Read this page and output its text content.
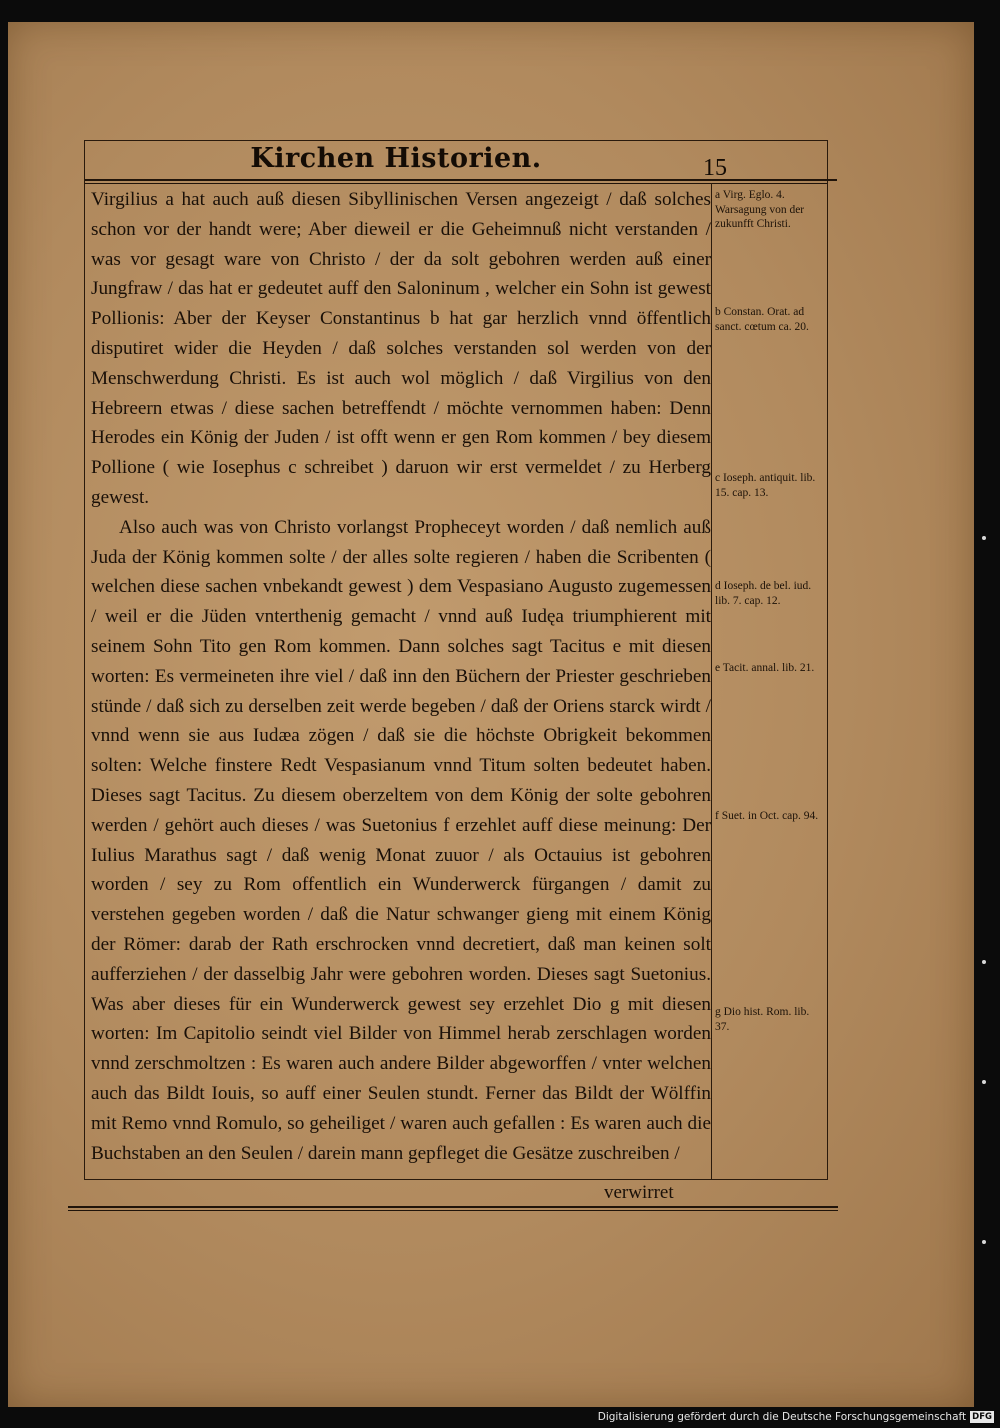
Kirchen Historien.	15

Virgilius a hat auch auß diesen Sibyllinischen Versen angezeigt / daß solches schon vor der handt were; Aber dieweil er die Geheimnuß nicht verstanden / was vor gesagt ware von Christo / der da solt gebohren werden auß einer Jungfraw / das hat er gedeutet auff den Saloninum , welcher ein Sohn ist gewest Pollionis: Aber der Keyser Constantinus b hat gar herzlich vnnd öffentlich disputiret wider die Heyden / daß solches verstanden sol werden von der Menschwerdung Christi. Es ist auch wol möglich / daß Virgilius von den Hebreern etwas / diese sachen betreffendt / möchte vernommen haben: Denn Herodes ein König der Juden / ist offt wenn er gen Rom kommen / bey diesem Pollione ( wie Iosephus c schreibet ) daruon wir erst vermeldet / zu Herberg gewest.

Also auch was von Christo vorlangst Prophecеyt worden / daß nemlich auß Juda der König kommen solte / der alles solte regieren / haben die Scribenten ( welchen diese sachen vnbekandt gewest ) dem Vespasiano Augusto zugemessen / weil er die Jüden vnterthenig gemacht / vnnd auß Iudęa triumphierent mit seinem Sohn Tito gen Rom kommen. Dann solches sagt Tacitus e mit diesen worten: Es vermeineten ihre viel / daß inn den Büchern der Priester geschrieben stünde / daß sich zu derselben zeit werde begeben / daß der Oriens starck wirdt / vnnd wenn sie aus Iudæa zögen / daß sie die höchste Obrigkeit bekommen solten: Welche finstere Redt Vespasianum vnnd Titum solten bedeutet haben. Dieses sagt Tacitus. Zu diesem oberzeltem von dem König der solte gebohren werden / gehört auch dieses / was Suetonius f erzehlet auff diese meinung: Der Iulius Marathus sagt / daß wenig Monat zuuor / als Octauius ist gebohren worden / sey zu Rom offentlich ein Wunderwerck fürgangen / damit zu verstehen gegeben worden / daß die Natur schwanger gieng mit einem König der Römer: darab der Rath erschrocken vnnd decretiert, daß man keinen solt aufferziehen / der dasselbig Jahr were gebohren worden. Dieses sagt Suetonius. Was aber dieses für ein Wunderwerck gewest sey erzehlet Dio g mit diesen worten: Im Capitolio seindt viel Bilder von Himmel herab zerschlagen worden vnnd zerschmoltzen : Es waren auch andere Bilder abgeworffen / vnter welchen auch das Bildt Iouis, so auff einer Seulen stundt. Ferner das Bildt der Wölffin mit Remo vnnd Romulo, so geheiliget / waren auch gefallen : Es waren auch die Buchstaben an den Seulen / darein mann gepfleget die Gesätze zuschreiben /

a Virg. Eglo. 4. Warsagung von der zukunfft Christi.
b Constan. Orat. ad sanct. cœtum ca. 20.
c Ioseph. antiquit. lib. 15. cap. 13.
d Ioseph. de bel. iud. lib. 7. cap. 12.
e Tacit. annal. lib. 21.
f Suet. in Oct. cap. 94.
g Dio hist. Rom. lib. 37.
verwirret
Digitalisierung gefördert durch die Deutsche Forschungsgemeinschaft DFG
